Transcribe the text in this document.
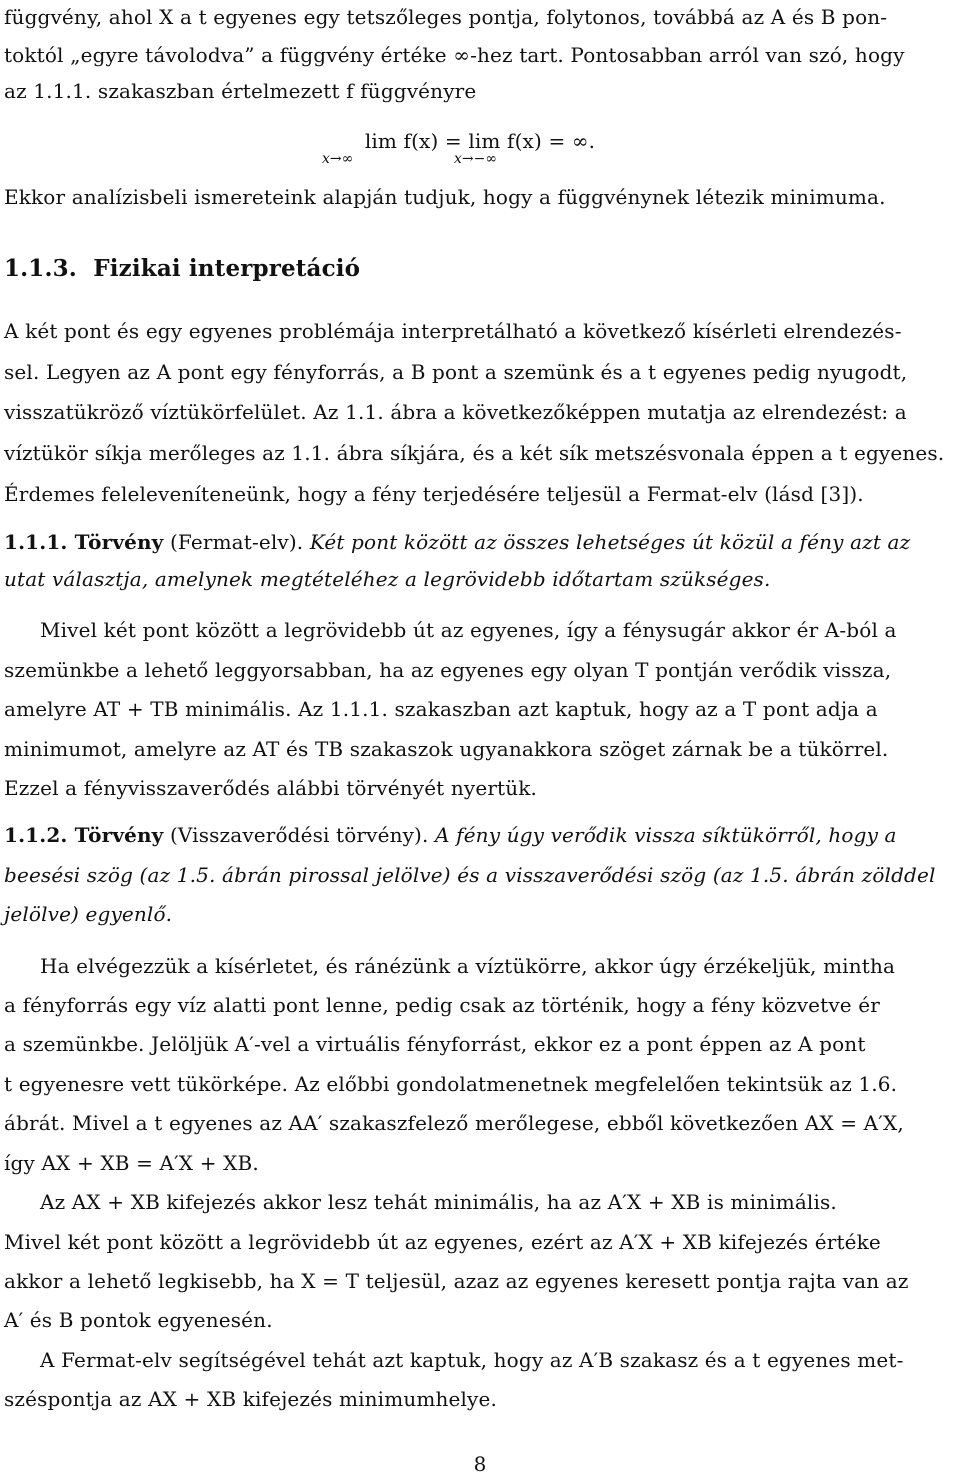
függvény, ahol X a t egyenes egy tetszőleges pontja, folytonos, továbbá az A és B pon-
toktól „egyre távolodva” a függvény értéke ∞-hez tart. Pontosabban arról van szó, hogy
az 1.1.1. szakaszban értelmezett f függvényre
lim f(x) = lim f(x) = ∞.
x→∞	x→−∞
Ekkor analízisbeli ismereteink alapján tudjuk, hogy a függvénynek létezik minimuma.
1.1.3. Fizikai interpretáció
A két pont és egy egyenes problémája interpretálható a következő kísérleti elrendezés-
sel. Legyen az A pont egy fényforrás, a B pont a szemünk és a t egyenes pedig nyugodt,
visszatükröző víztükörfelület. Az 1.1. ábra a következőképpen mutatja az elrendezést: a
víztükör síkja merőleges az 1.1. ábra síkjára, és a két sík metszésvonala éppen a t egyenes.
Érdemes feleleveníteneünk, hogy a fény terjedésére teljesül a Fermat-elv (lásd [3]).
1.1.1. Törvény (Fermat-elv). Két pont között az összes lehetséges út közül a fény azt az
utat választja, amelynek megtételéhez a legrövidebb időtartam szükséges.
Mivel két pont között a legrövidebb út az egyenes, így a fénysugár akkor ér A-ból a
szemünkbe a lehető leggyorsabban, ha az egyenes egy olyan T pontján verődik vissza,
amelyre AT + TB minimális. Az 1.1.1. szakaszban azt kaptuk, hogy az a T pont adja a
minimumot, amelyre az AT és TB szakaszok ugyanakkora szöget zárnak be a tükörrel.
Ezzel a fényvisszaverődés alábbi törvényét nyertük.
1.1.2. Törvény (Visszaverődési törvény). A fény úgy verődik vissza síktükörről, hogy a
beesési szög (az 1.5. ábrán pirossal jelölve) és a visszaverődési szög (az 1.5. ábrán zölddel
jelölve) egyenlő.
Ha elvégezzük a kísérletet, és ránézünk a víztükörre, akkor úgy érzékeljük, mintha
a fényforrás egy víz alatti pont lenne, pedig csak az történik, hogy a fény közvetve ér
a szemünkbe. Jelöljük A′-vel a virtuális fényforrást, ekkor ez a pont éppen az A pont
t egyenesre vett tükörképe. Az előbbi gondolatmenetnek megfelelően tekintsük az 1.6.
ábrát. Mivel a t egyenes az AA′ szakaszfelező merőlegese, ebből következően AX = A′X,
így AX + XB = A′X + XB.
Az AX + XB kifejezés akkor lesz tehát minimális, ha az A′X + XB is minimális.
Mivel két pont között a legrövidebb út az egyenes, ezért az A′X + XB kifejezés értéke
akkor a lehető legkisebb, ha X = T teljesül, azaz az egyenes keresett pontja rajta van az
A′ és B pontok egyenesén.
A Fermat-elv segítségével tehát azt kaptuk, hogy az A′B szakasz és a t egyenes met-
széspontja az AX + XB kifejezés minimumhelye.
8
